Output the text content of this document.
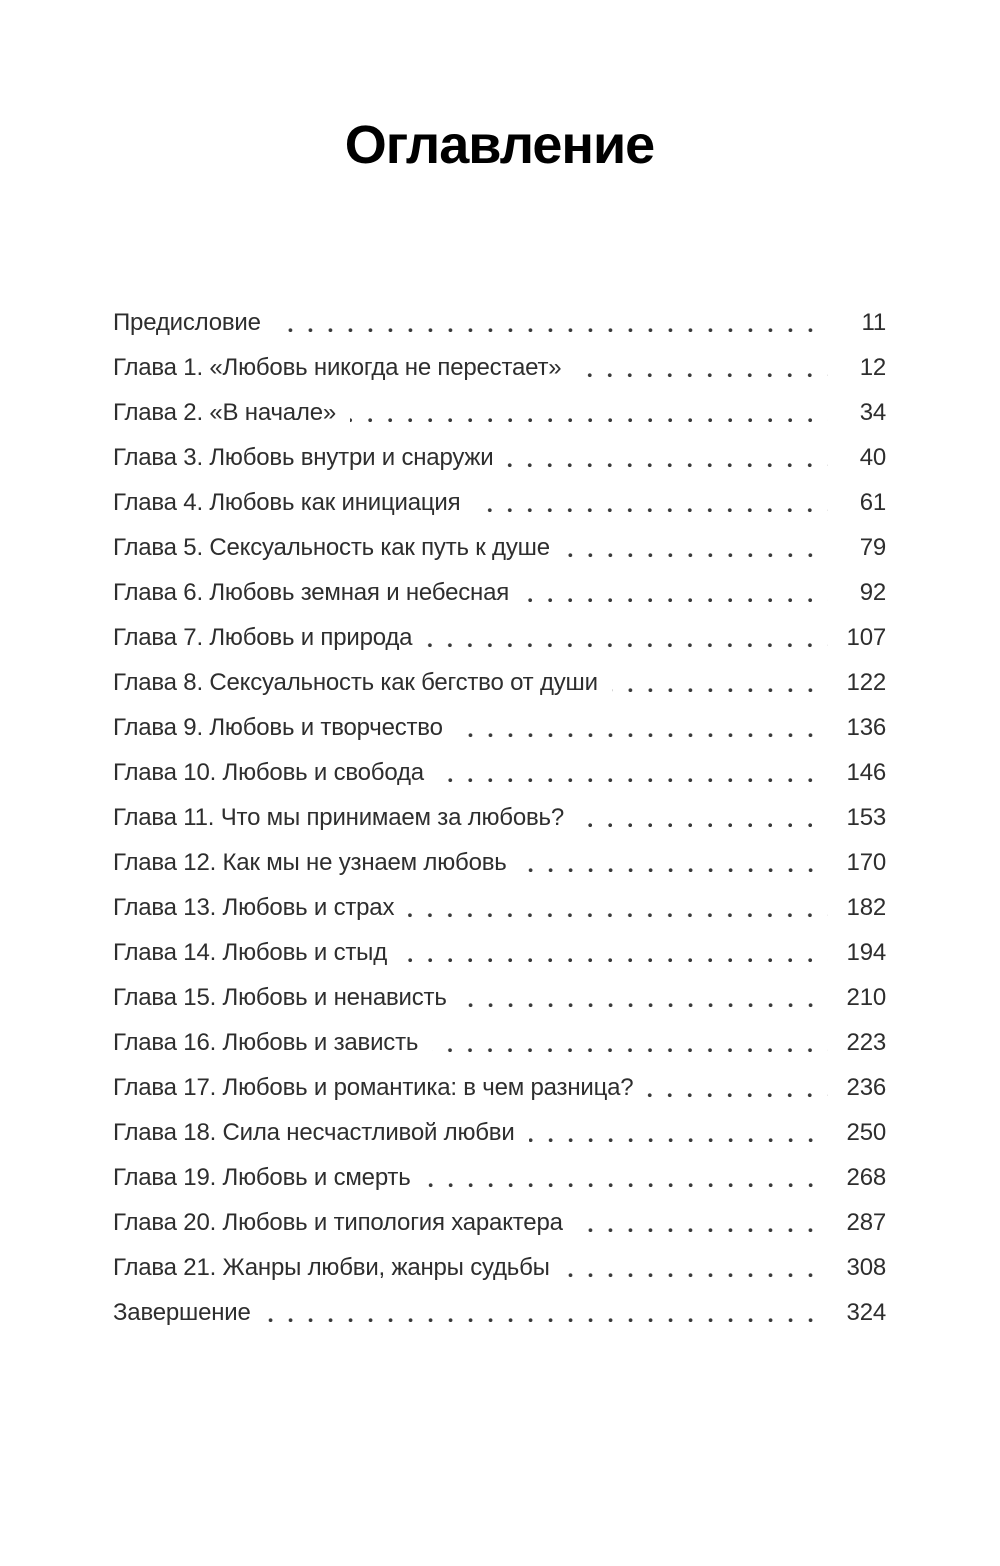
Оглавление
Предисловие	11
Глава 1. «Любовь никогда не перестает»	12
Глава 2. «В начале»	34
Глава 3. Любовь внутри и снаружи	40
Глава 4. Любовь как инициация	61
Глава 5. Сексуальность как путь к душе	79
Глава 6. Любовь земная и небесная	92
Глава 7. Любовь и природа	107
Глава 8. Сексуальность как бегство от души	122
Глава 9. Любовь и творчество	136
Глава 10. Любовь и свобода	146
Глава 11. Что мы принимаем за любовь?	153
Глава 12. Как мы не узнаем любовь	170
Глава 13. Любовь и страх	182
Глава 14. Любовь и стыд	194
Глава 15. Любовь и ненависть	210
Глава 16. Любовь и зависть	223
Глава 17. Любовь и романтика: в чем разница?	236
Глава 18. Сила несчастливой любви	250
Глава 19. Любовь и смерть	268
Глава 20. Любовь и типология характера	287
Глава 21. Жанры любви, жанры судьбы	308
Завершение	324
